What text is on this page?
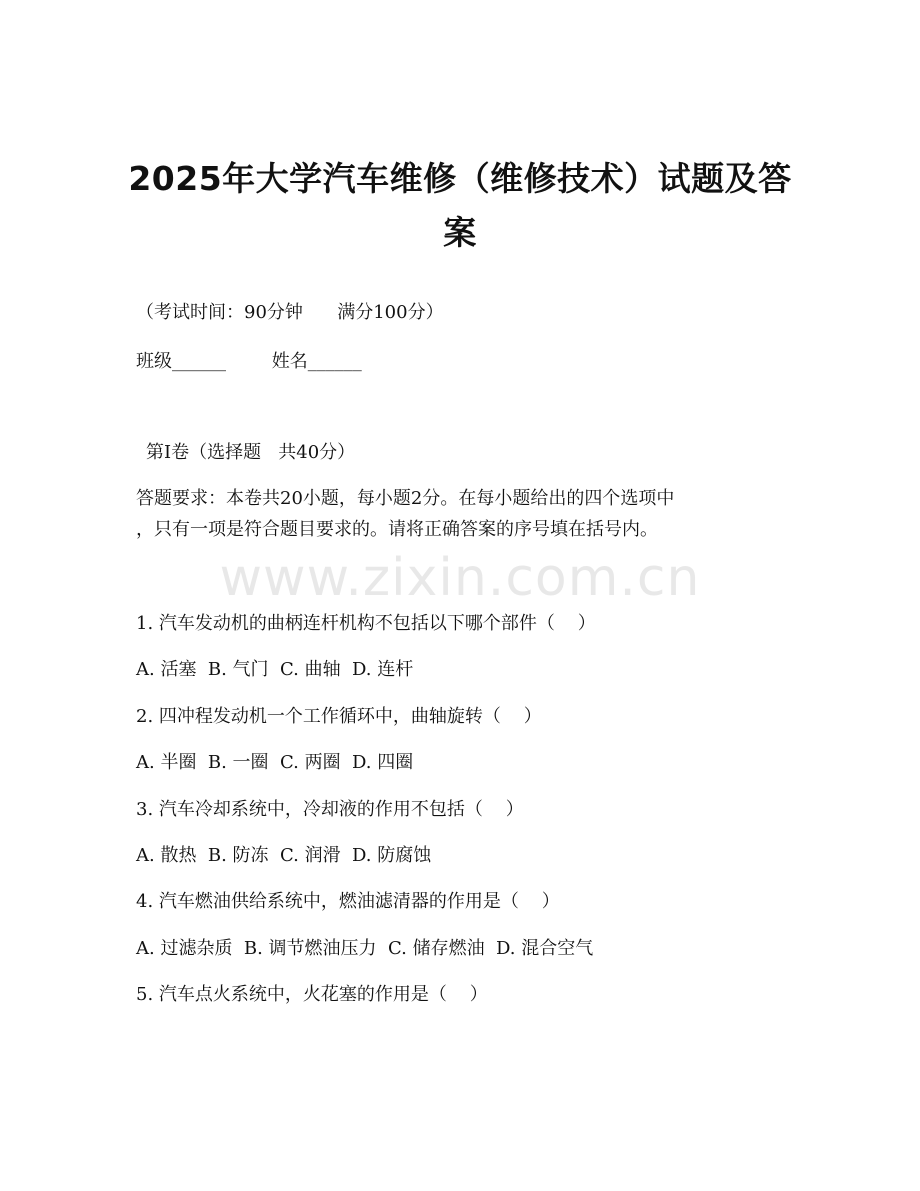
2025年大学汽车维修（维修技术）试题及答案
（考试时间：90分钟      满分100分）
班级______	姓名______
第I卷（选择题   共40分）
答题要求：本卷共20小题，每小题2分。在每小题给出的四个选项中
，只有一项是符合题目要求的。请将正确答案的序号填在括号内。
www.zixin.com.cn
1. 汽车发动机的曲柄连杆机构不包括以下哪个部件（    ）
A. 活塞  B. 气门  C. 曲轴  D. 连杆
2. 四冲程发动机一个工作循环中，曲轴旋转（    ）
A. 半圈  B. 一圈  C. 两圈  D. 四圈
3. 汽车冷却系统中，冷却液的作用不包括（    ）
A. 散热  B. 防冻  C. 润滑  D. 防腐蚀
4. 汽车燃油供给系统中，燃油滤清器的作用是（    ）
A. 过滤杂质  B. 调节燃油压力  C. 储存燃油  D. 混合空气
5. 汽车点火系统中，火花塞的作用是（    ）
